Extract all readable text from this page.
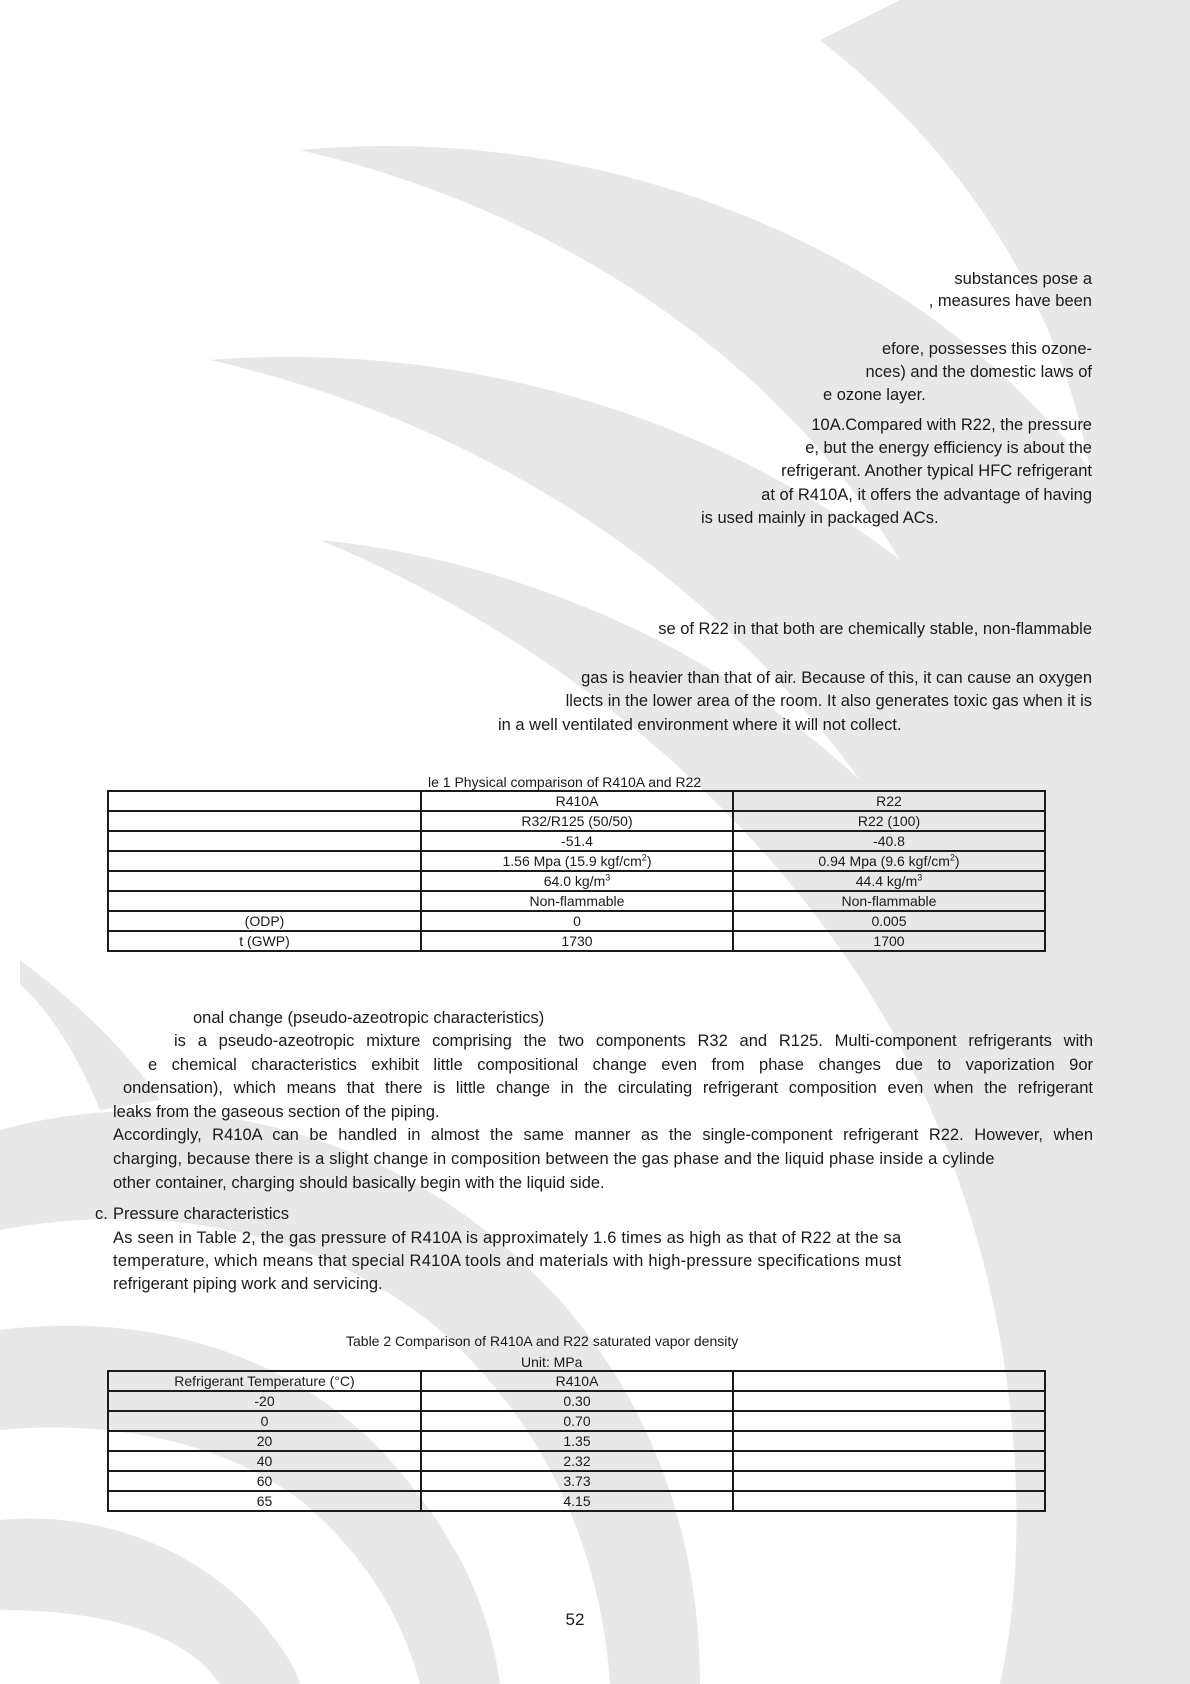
substances pose a
, measures have been
efore, possesses this ozone-
nces) and the domestic laws of
e ozone layer.
10A.Compared with R22, the pressure
e, but the energy efficiency is about the
refrigerant. Another typical HFC refrigerant
at of R410A, it offers the advantage of having
is used mainly in packaged ACs.
se of R22 in that both are chemically stable, non-flammable
gas is heavier than that of air. Because of this, it can cause an oxygen
llects in the lower area of the room. It also generates toxic gas when it is
in a well ventilated environment where it will not collect.
le 1 Physical comparison of R410A and R22
	R410A	R22
	R32/R125 (50/50)	R22 (100)
	-51.4	-40.8
	1.56 Mpa (15.9 kgf/$cm^2$)	0.94 Mpa (9.6 kgf/$cm^2$)
	64.0 $kg/m^3$	44.4 $kg/m^3$
	Non-flammable	Non-flammable
(ODP)	0	0.005
t (GWP)	1730	1700
onal change (pseudo-azeotropic characteristics)
is a pseudo-azeotropic mixture comprising the two components R32 and R125. Multi-component refrigerants with
e chemical characteristics exhibit little compositional change even from phase changes due to vaporization 9or
ondensation), which means that there is little change in the circulating refrigerant composition even when the refrigerant
leaks from the gaseous section of the piping.
Accordingly, R410A can be handled in almost the same manner as the single-component refrigerant R22. However, when
charging, because there is a slight change in composition between the gas phase and the liquid phase inside a cylinde
other container, charging should basically begin with the liquid side.
c. Pressure characteristics
As seen in Table 2, the gas pressure of R410A is approximately 1.6 times as high as that of R22 at the sa
temperature, which means that special R410A tools and materials with high-pressure specifications must
refrigerant piping work and servicing.
Table 2 Comparison of R410A and R22 saturated vapor density
Unit: MPa
Refrigerant Temperature (°C)	R410A	
-20	0.30	
0	0.70	
20	1.35	
40	2.32	
60	3.73	
65	4.15	
52
